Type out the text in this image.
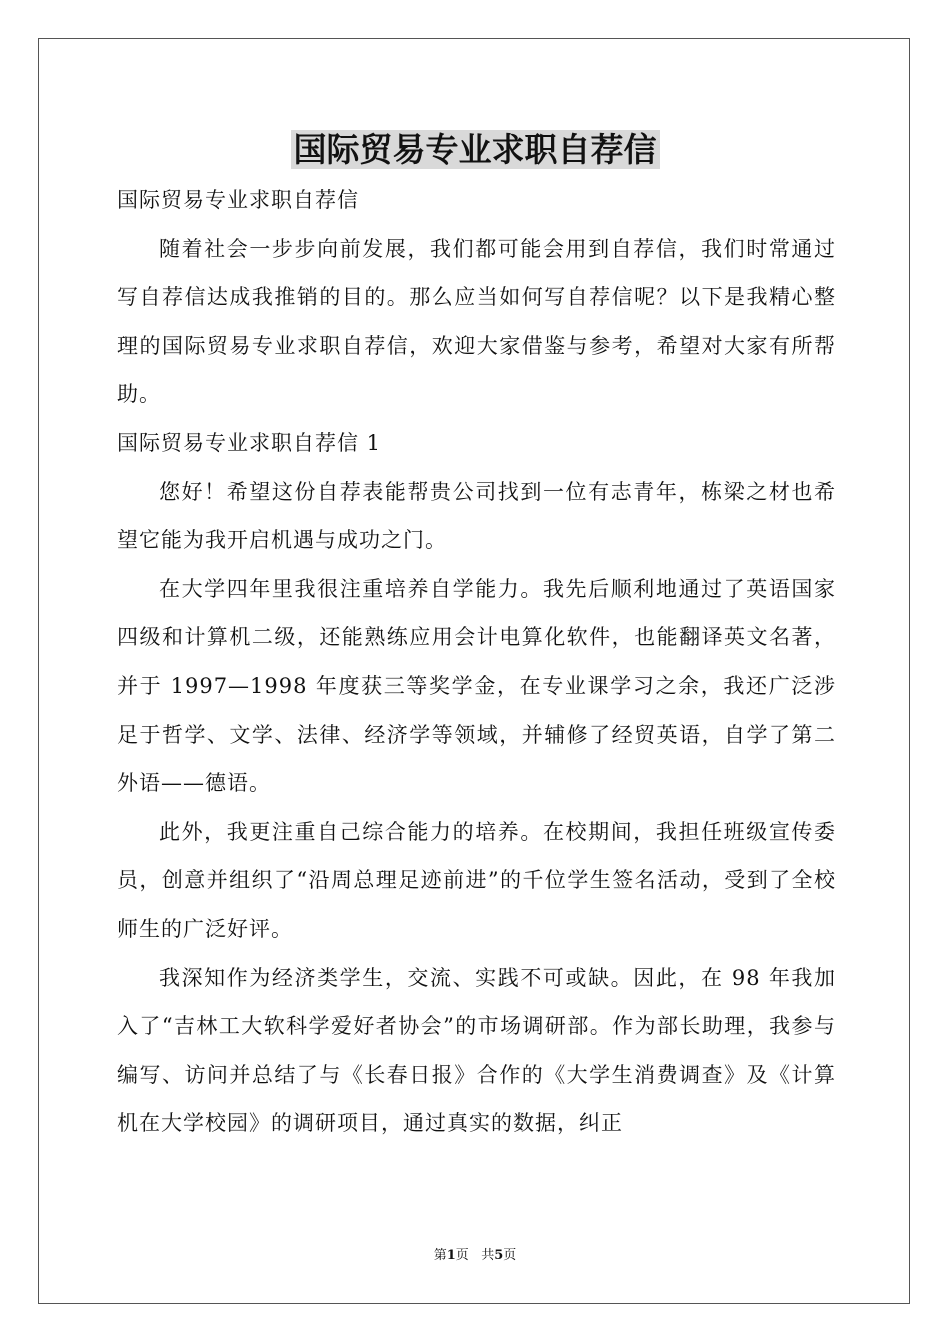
国际贸易专业求职自荐信

国际贸易专业求职自荐信

随着社会一步步向前发展，我们都可能会用到自荐信，我们时常通过写自荐信达成我推销的目的。那么应当如何写自荐信呢？以下是我精心整理的国际贸易专业求职自荐信，欢迎大家借鉴与参考，希望对大家有所帮助。

国际贸易专业求职自荐信 1

您好！希望这份自荐表能帮贵公司找到一位有志青年，栋梁之材也希望它能为我开启机遇与成功之门。

在大学四年里我很注重培养自学能力。我先后顺利地通过了英语国家四级和计算机二级，还能熟练应用会计电算化软件，也能翻译英文名著，并于 1997—1998 年度获三等奖学金，在专业课学习之余，我还广泛涉足于哲学、文学、法律、经济学等领域，并辅修了经贸英语，自学了第二外语——德语。

此外，我更注重自己综合能力的培养。在校期间，我担任班级宣传委员，创意并组织了“沿周总理足迹前进”的千位学生签名活动，受到了全校师生的广泛好评。

我深知作为经济类学生，交流、实践不可或缺。因此，在 98 年我加入了“吉林工大软科学爱好者协会”的市场调研部。作为部长助理，我参与编写、访问并总结了与《长春日报》合作的《大学生消费调查》及《计算机在大学校园》的调研项目，通过真实的数据，纠正

第1页 共5页
